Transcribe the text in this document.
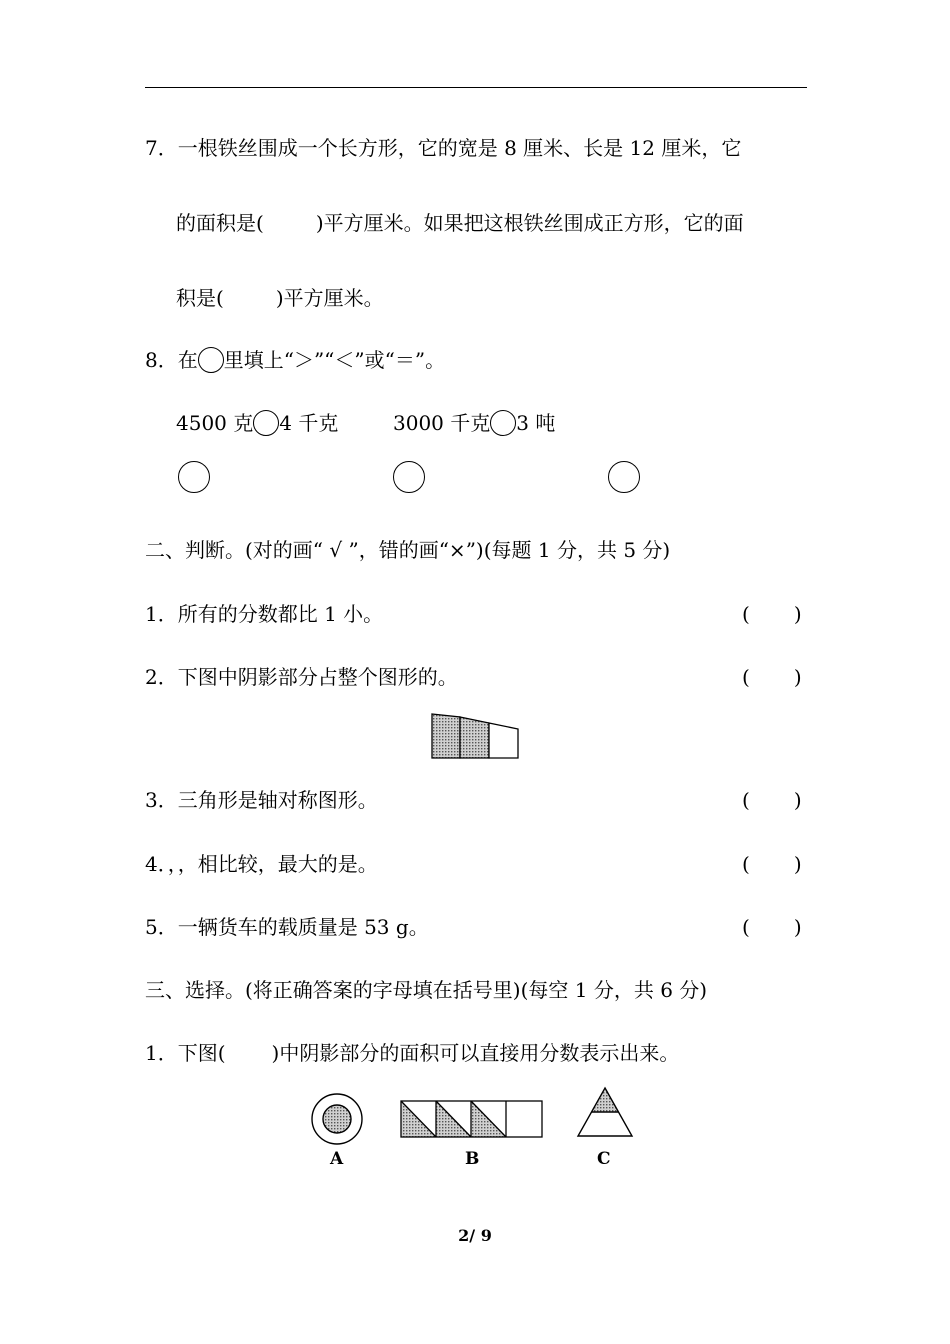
7．一根铁丝围成一个长方形，它的宽是 8 厘米、长是 12 厘米，它
的面积是(	)平方厘米。如果把这根铁丝围成正方形，它的面
积是(	)平方厘米。
8．在 里填上“＞”“＜”或“＝”。
4500 克 4 千克	3000 千克 3 吨
二、判断。(对的画“ √ ”，错的画“×”)(每题 1 分，共 5 分)
1．所有的分数都比 1 小。	( )
2．下图中阴影部分占整个图形的。	( )
3．三角形是轴对称图形。	( )
4．，，相比较，最大的是。	( )
5．一辆货车的载质量是 53 g。	( )
三、选择。(将正确答案的字母填在括号里)(每空 1 分，共 6 分)
1．下图( )中阴影部分的面积可以直接用分数表示出来。
A	B	C
2/ 9
